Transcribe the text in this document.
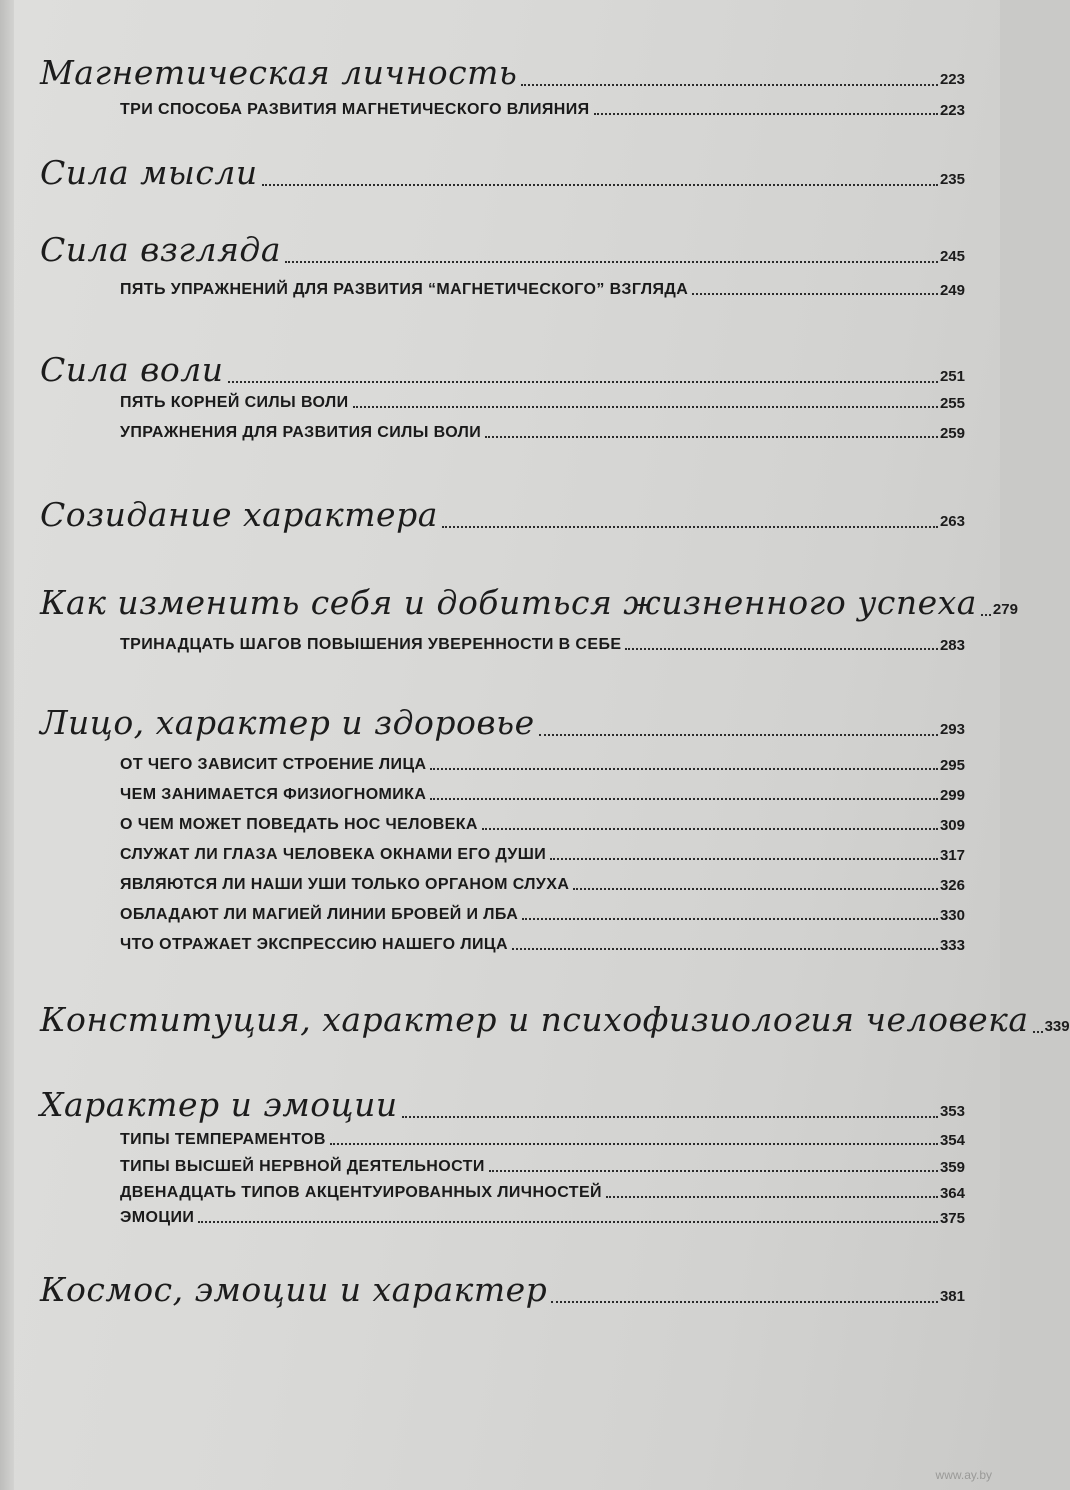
Магнетическая личность	223
ТРИ СПОСОБА РАЗВИТИЯ МАГНЕТИЧЕСКОГО ВЛИЯНИЯ	223
Сила мысли	235
Сила взгляда	245
ПЯТЬ УПРАЖНЕНИЙ ДЛЯ РАЗВИТИЯ “МАГНЕТИЧЕСКОГО” ВЗГЛЯДА	249
Сила воли	251
ПЯТЬ КОРНЕЙ СИЛЫ ВОЛИ	255
УПРАЖНЕНИЯ ДЛЯ РАЗВИТИЯ СИЛЫ ВОЛИ	259
Созидание характера	263
Как изменить себя и добиться жизненного успеха 279
ТРИНАДЦАТЬ ШАГОВ ПОВЫШЕНИЯ УВЕРЕННОСТИ В СЕБЕ	283
Лицо, характер и здоровье	293
ОТ ЧЕГО ЗАВИСИТ СТРОЕНИЕ ЛИЦА	295
ЧЕМ ЗАНИМАЕТСЯ ФИЗИОГНОМИКА	299
О ЧЕМ МОЖЕТ ПОВЕДАТЬ НОС ЧЕЛОВЕКА	309
СЛУЖАТ ЛИ ГЛАЗА ЧЕЛОВЕКА ОКНАМИ ЕГО ДУШИ	317
ЯВЛЯЮТСЯ ЛИ НАШИ УШИ ТОЛЬКО ОРГАНОМ СЛУХА	326
ОБЛАДАЮТ ЛИ МАГИЕЙ ЛИНИИ БРОВЕЙ И ЛБА	330
ЧТО ОТРАЖАЕТ ЭКСПРЕССИЮ НАШЕГО ЛИЦА	333
Конституция, характер и психофизиология человека 339
Характер и эмоции	353
ТИПЫ ТЕМПЕРАМЕНТОВ	354
ТИПЫ ВЫСШЕЙ НЕРВНОЙ ДЕЯТЕЛЬНОСТИ	359
ДВЕНАДЦАТЬ ТИПОВ АКЦЕНТУИРОВАННЫХ ЛИЧНОСТЕЙ	364
ЭМОЦИИ	375
Космос, эмоции и характер	381
www.ay.by
